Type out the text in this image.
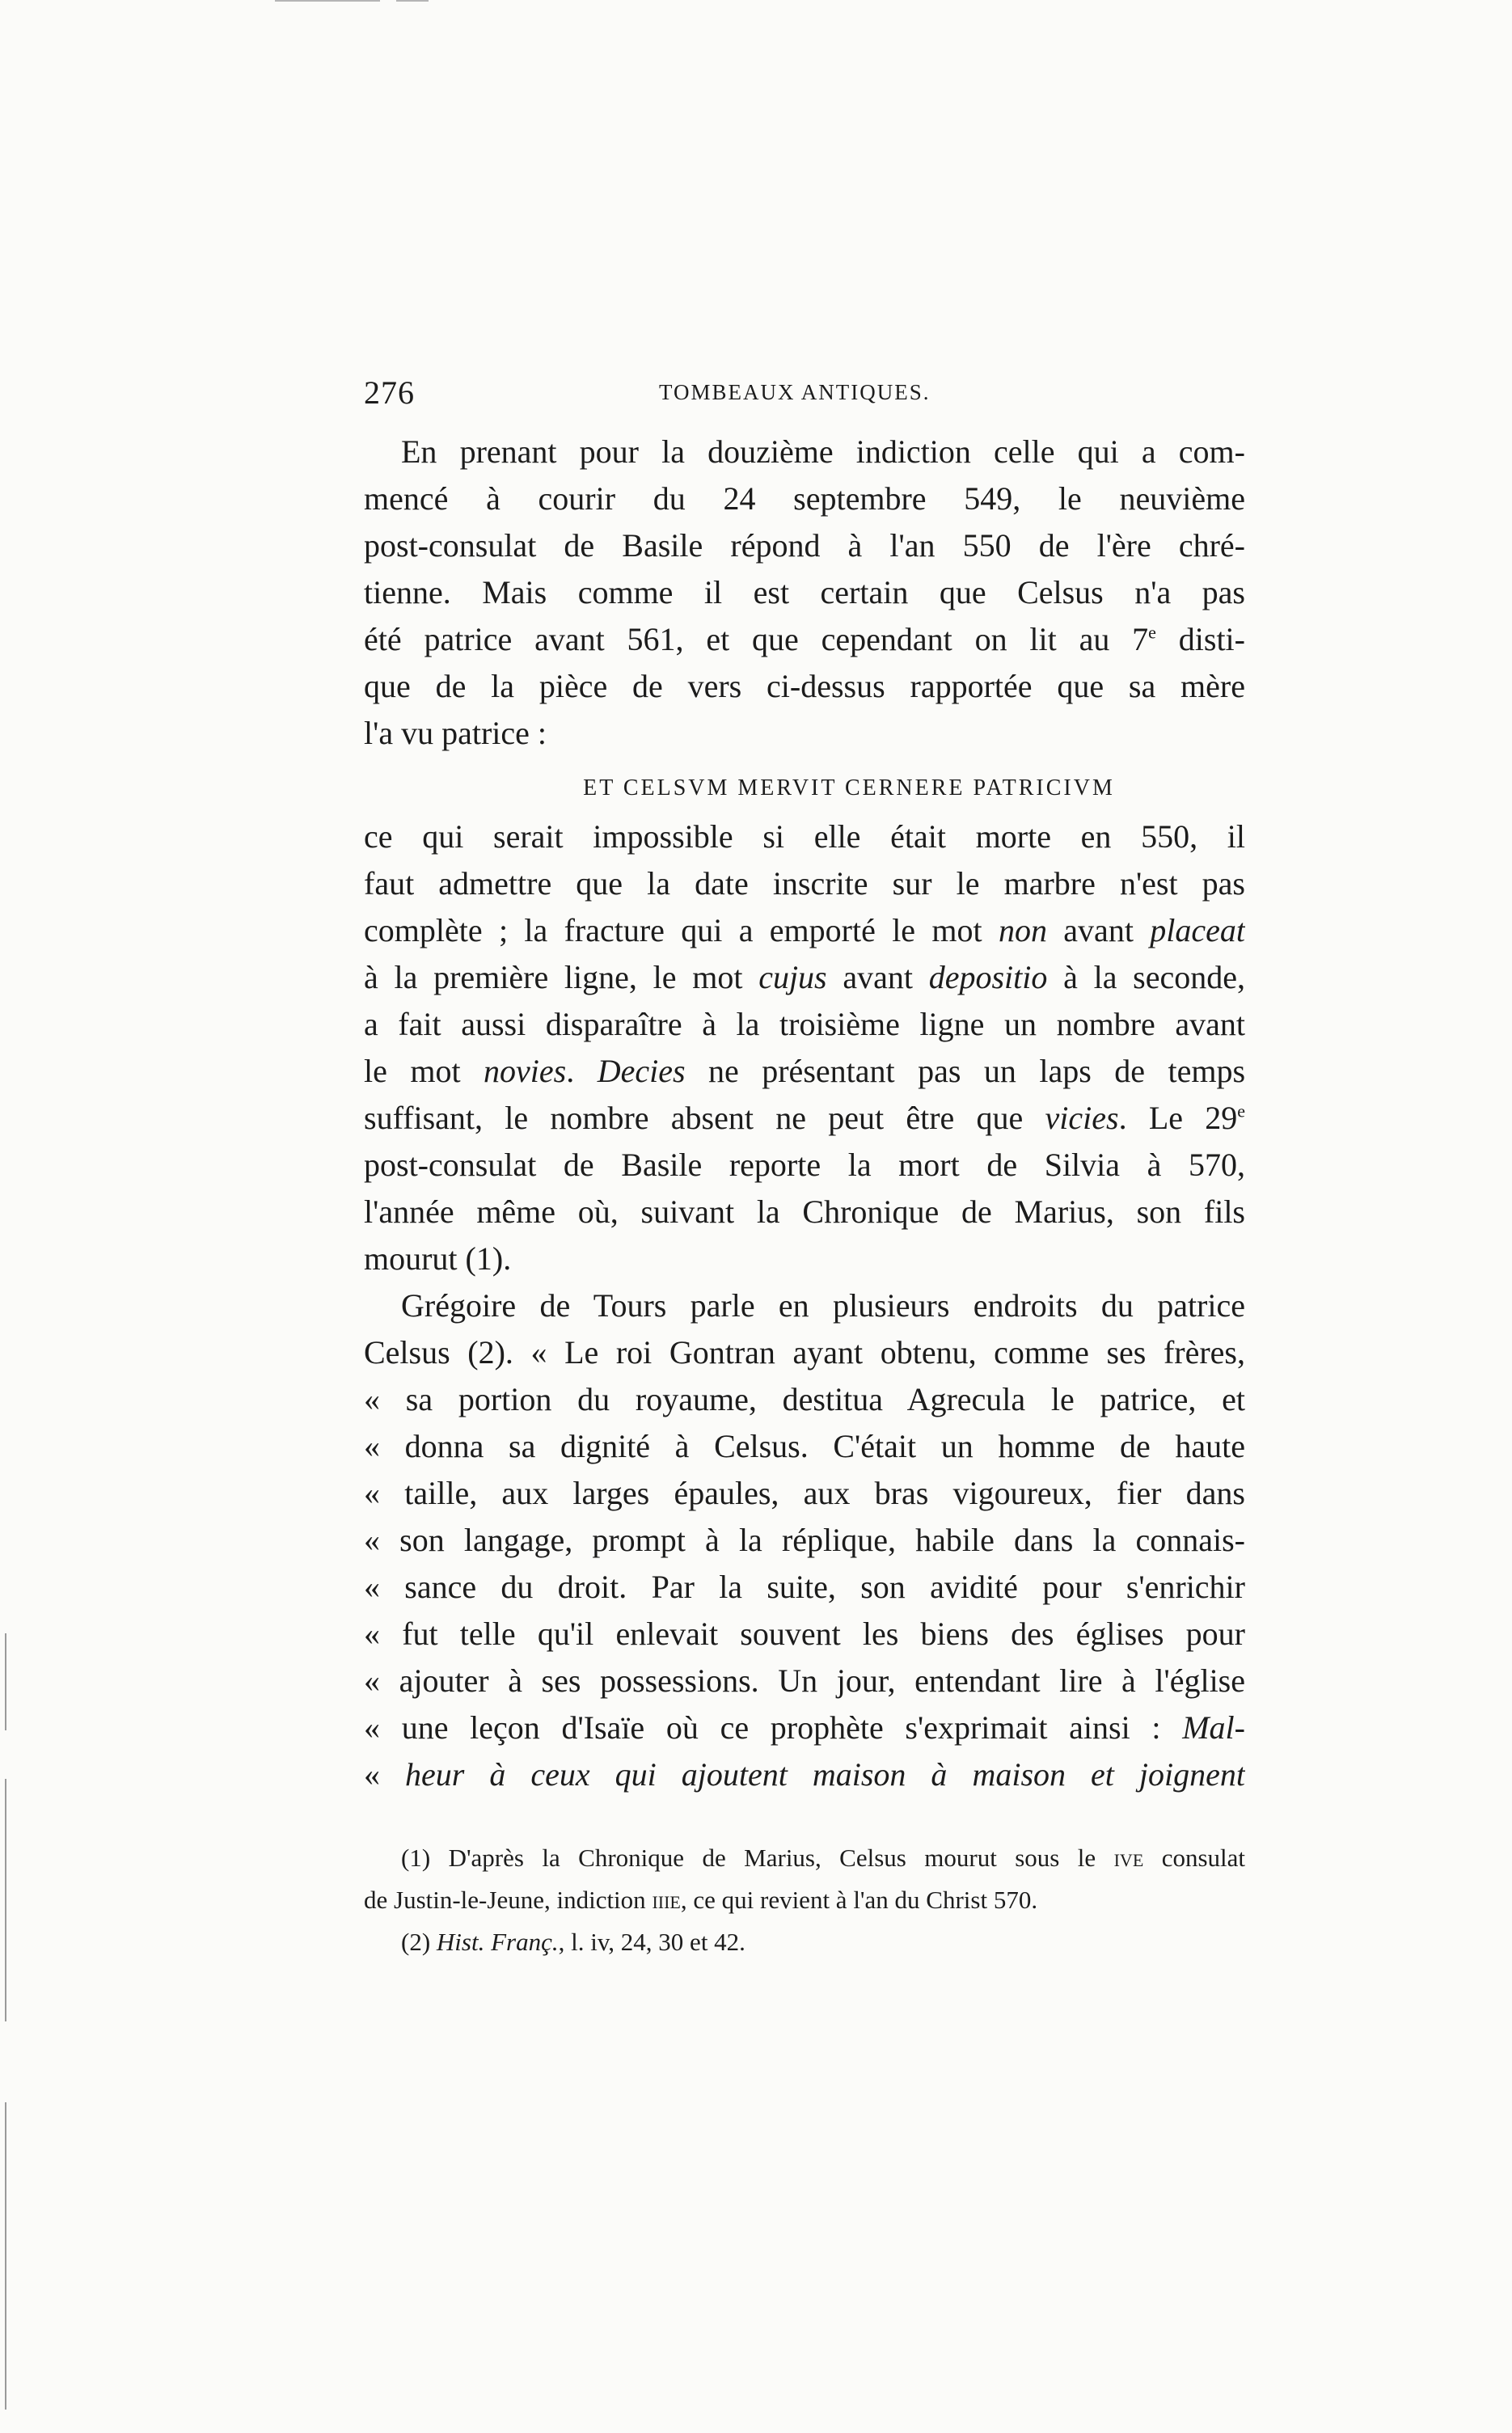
276	TOMBEAUX ANTIQUES.
En prenant pour la douzième indiction celle qui a com-
mencé à courir du 24 septembre 549, le neuvième
post-consulat de Basile répond à l'an 550 de l'ère chré-
tienne. Mais comme il est certain que Celsus n'a pas
été patrice avant 561, et que cependant on lit au 7e disti-
que de la pièce de vers ci-dessus rapportée que sa mère
l'a vu patrice :
ET CELSVM MERVIT CERNERE PATRICIVM
ce qui serait impossible si elle était morte en 550, il
faut admettre que la date inscrite sur le marbre n'est pas
complète ; la fracture qui a emporté le mot non avant placeat
à la première ligne, le mot cujus avant depositio à la seconde,
a fait aussi disparaître à la troisième ligne un nombre avant
le mot novies. Decies ne présentant pas un laps de temps
suffisant, le nombre absent ne peut être que vicies. Le 29e
post-consulat de Basile reporte la mort de Silvia à 570,
l'année même où, suivant la Chronique de Marius, son fils
mourut (1).
Grégoire de Tours parle en plusieurs endroits du patrice
Celsus (2). « Le roi Gontran ayant obtenu, comme ses frères,
« sa portion du royaume, destitua Agrecula le patrice, et
« donna sa dignité à Celsus. C'était un homme de haute
« taille, aux larges épaules, aux bras vigoureux, fier dans
« son langage, prompt à la réplique, habile dans la connais-
« sance du droit. Par la suite, son avidité pour s'enrichir
« fut telle qu'il enlevait souvent les biens des églises pour
« ajouter à ses possessions. Un jour, entendant lire à l'église
« une leçon d'Isaïe où ce prophète s'exprimait ainsi : Mal-
« heur à ceux qui ajoutent maison à maison et joignent
(1) D'après la Chronique de Marius, Celsus mourut sous le ive consulat
de Justin-le-Jeune, indiction iiie, ce qui revient à l'an du Christ 570.
(2) Hist. Franç., l. iv, 24, 30 et 42.
